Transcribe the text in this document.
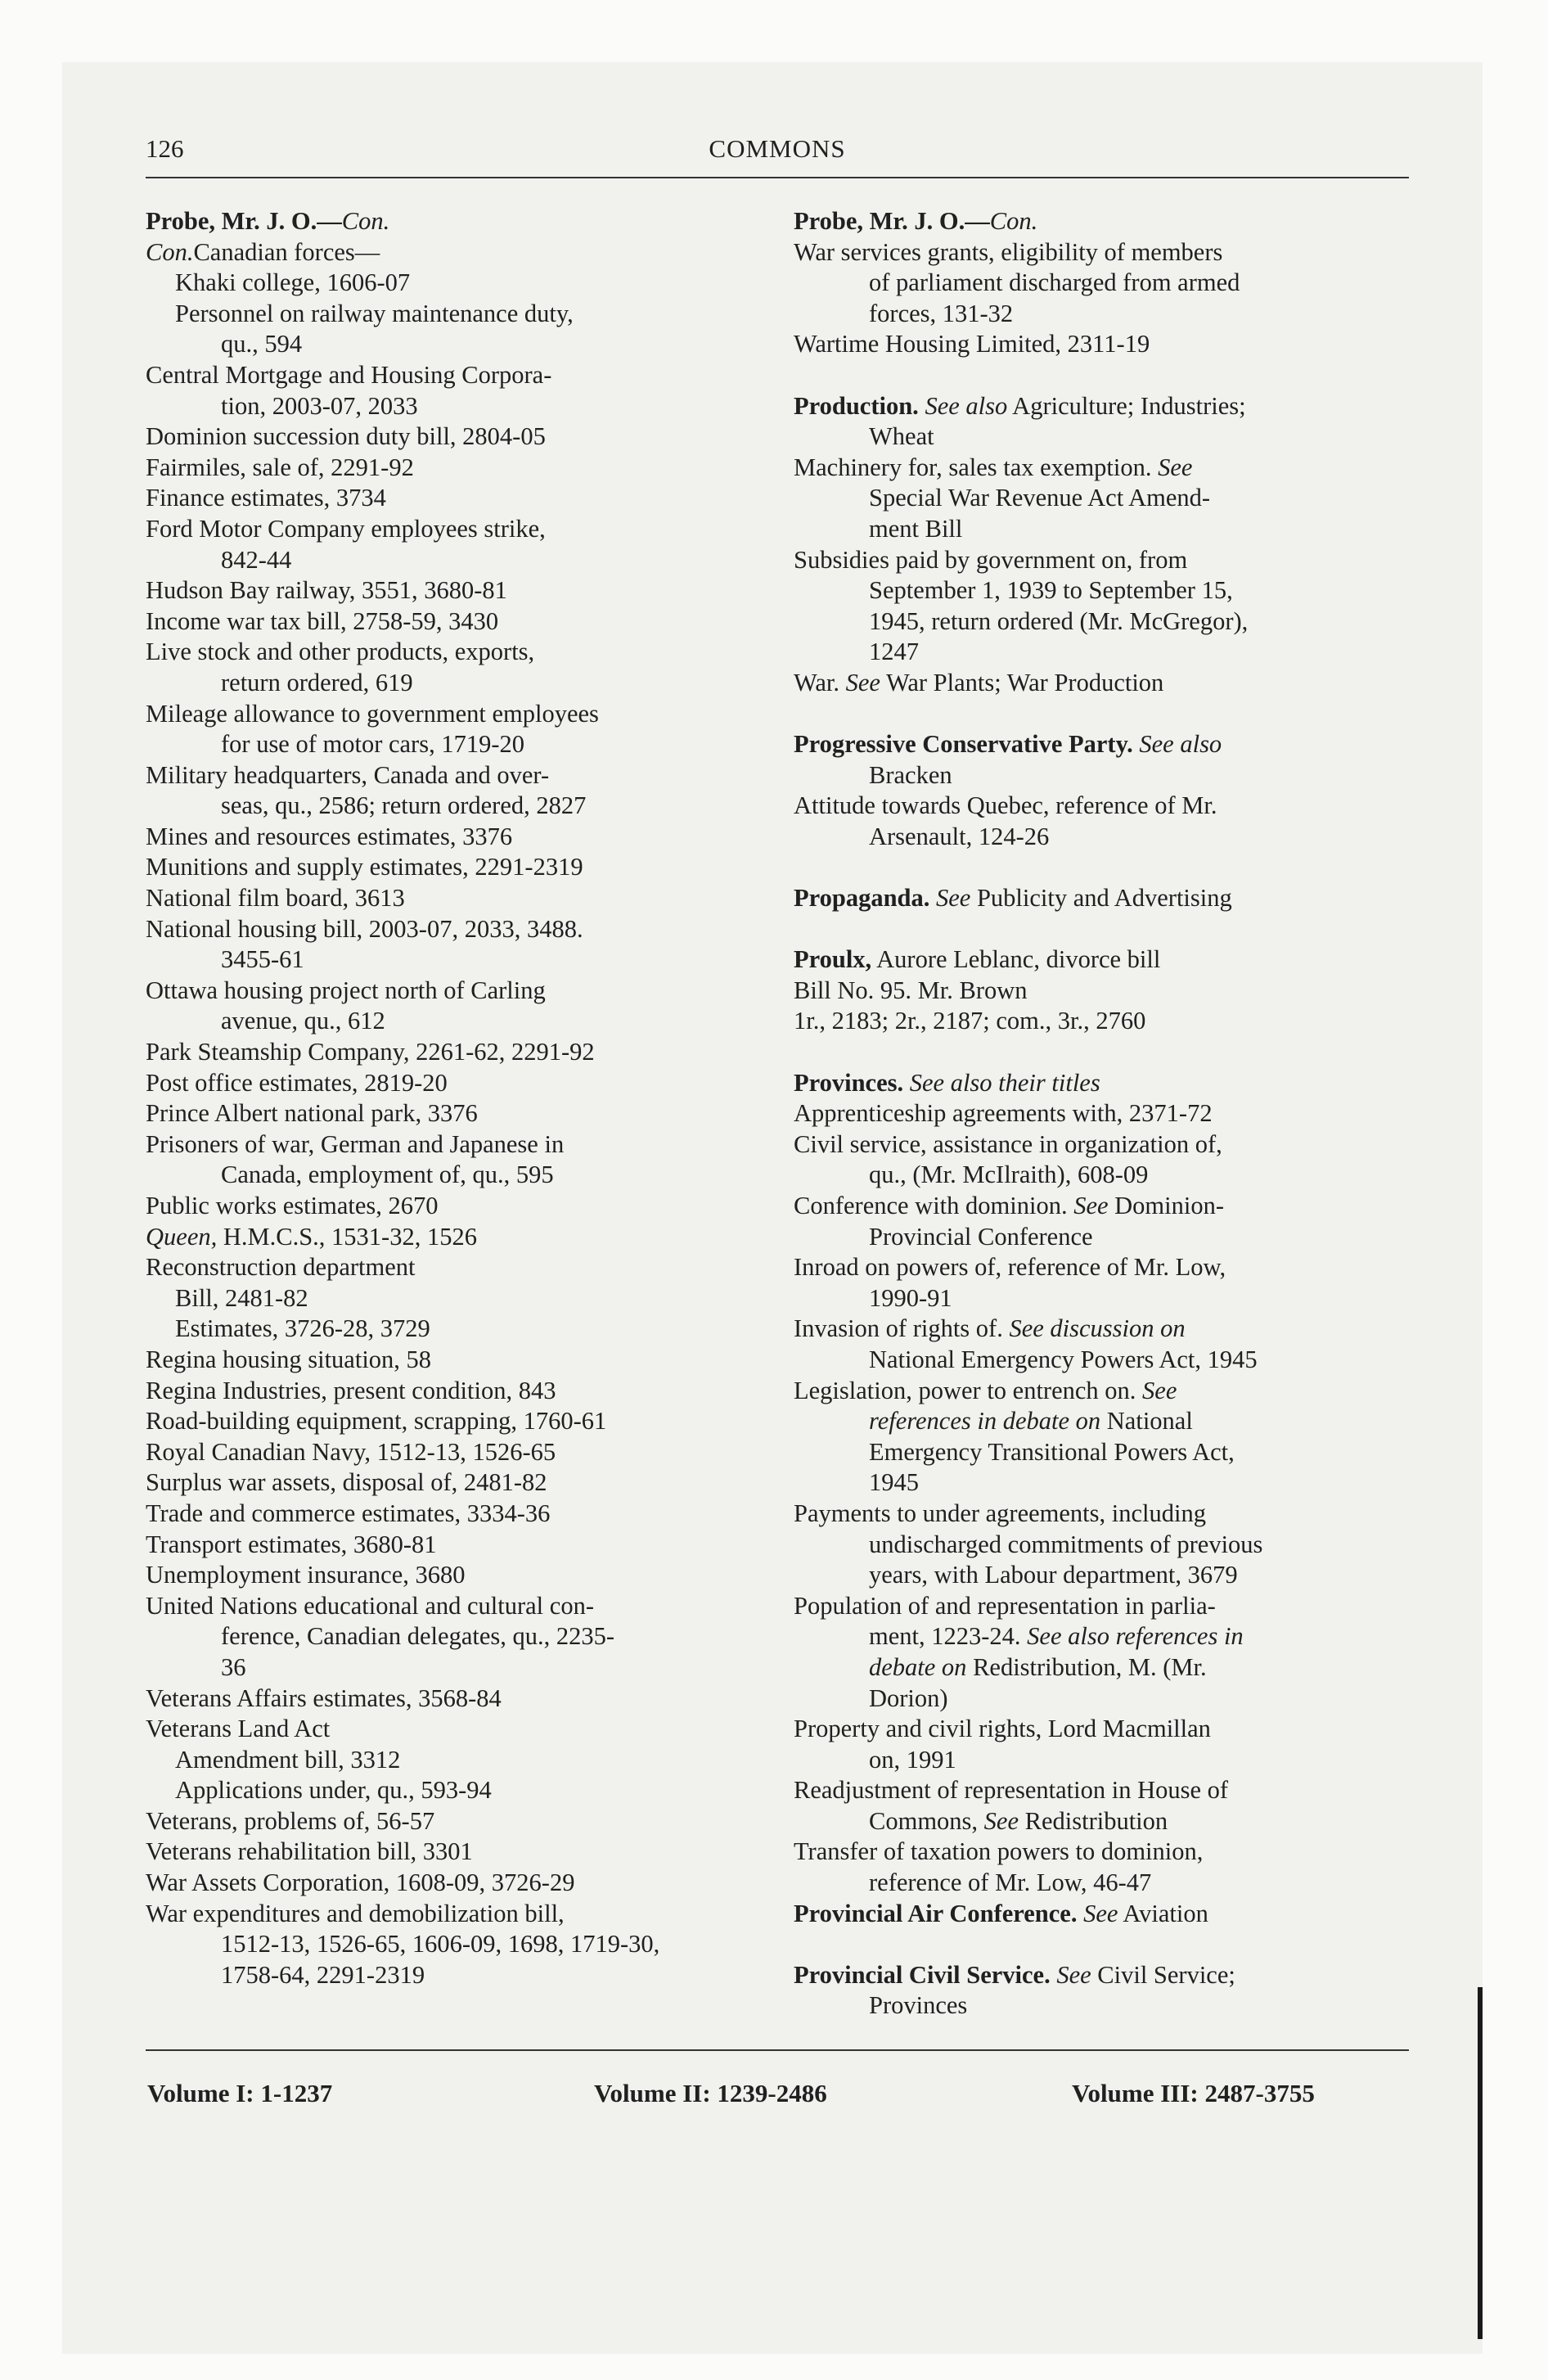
126	COMMONS
Probe, Mr. J. O.—Con.
Con.Canadian forces—
Khaki college, 1606-07
Personnel on railway maintenance duty,
qu., 594
Central Mortgage and Housing Corpora-
tion, 2003-07, 2033
Dominion succession duty bill, 2804-05
Fairmiles, sale of, 2291-92
Finance estimates, 3734
Ford Motor Company employees strike,
842-44
Hudson Bay railway, 3551, 3680-81
Income war tax bill, 2758-59, 3430
Live stock and other products, exports,
return ordered, 619
Mileage allowance to government employees
for use of motor cars, 1719-20
Military headquarters, Canada and over-
seas, qu., 2586; return ordered, 2827
Mines and resources estimates, 3376
Munitions and supply estimates, 2291-2319
National film board, 3613
National housing bill, 2003-07, 2033, 3488.
3455-61
Ottawa housing project north of Carling
avenue, qu., 612
Park Steamship Company, 2261-62, 2291-92
Post office estimates, 2819-20
Prince Albert national park, 3376
Prisoners of war, German and Japanese in
Canada, employment of, qu., 595
Public works estimates, 2670
Queen, H.M.C.S., 1531-32, 1526
Reconstruction department
Bill, 2481-82
Estimates, 3726-28, 3729
Regina housing situation, 58
Regina Industries, present condition, 843
Road-building equipment, scrapping, 1760-61
Royal Canadian Navy, 1512-13, 1526-65
Surplus war assets, disposal of, 2481-82
Trade and commerce estimates, 3334-36
Transport estimates, 3680-81
Unemployment insurance, 3680
United Nations educational and cultural con-
ference, Canadian delegates, qu., 2235-
36
Veterans Affairs estimates, 3568-84
Veterans Land Act
Amendment bill, 3312
Applications under, qu., 593-94
Veterans, problems of, 56-57
Veterans rehabilitation bill, 3301
War Assets Corporation, 1608-09, 3726-29
War expenditures and demobilization bill,
1512-13, 1526-65, 1606-09, 1698, 1719-30,
1758-64, 2291-2319
Probe, Mr. J. O.—Con.
War services grants, eligibility of members
of parliament discharged from armed
forces, 131-32
Wartime Housing Limited, 2311-19
Production. See also Agriculture; Industries;
Wheat
Machinery for, sales tax exemption. See
Special War Revenue Act Amend-
ment Bill
Subsidies paid by government on, from
September 1, 1939 to September 15,
1945, return ordered (Mr. McGregor),
1247
War. See War Plants; War Production
Progressive Conservative Party. See also
Bracken
Attitude towards Quebec, reference of Mr.
Arsenault, 124-26
Propaganda. See Publicity and Advertising
Proulx, Aurore Leblanc, divorce bill
Bill No. 95. Mr. Brown
1r., 2183; 2r., 2187; com., 3r., 2760
Provinces. See also their titles
Apprenticeship agreements with, 2371-72
Civil service, assistance in organization of,
qu., (Mr. McIlraith), 608-09
Conference with dominion. See Dominion-
Provincial Conference
Inroad on powers of, reference of Mr. Low,
1990-91
Invasion of rights of. See discussion on
National Emergency Powers Act, 1945
Legislation, power to entrench on. See
references in debate on National
Emergency Transitional Powers Act,
1945
Payments to under agreements, including
undischarged commitments of previous
years, with Labour department, 3679
Population of and representation in parlia-
ment, 1223-24. See also references in
debate on Redistribution, M. (Mr.
Dorion)
Property and civil rights, Lord Macmillan
on, 1991
Readjustment of representation in House of
Commons, See Redistribution
Transfer of taxation powers to dominion,
reference of Mr. Low, 46-47
Provincial Air Conference. See Aviation
Provincial Civil Service. See Civil Service;
Provinces
Volume I: 1-1237	Volume II: 1239-2486	Volume III: 2487-3755
